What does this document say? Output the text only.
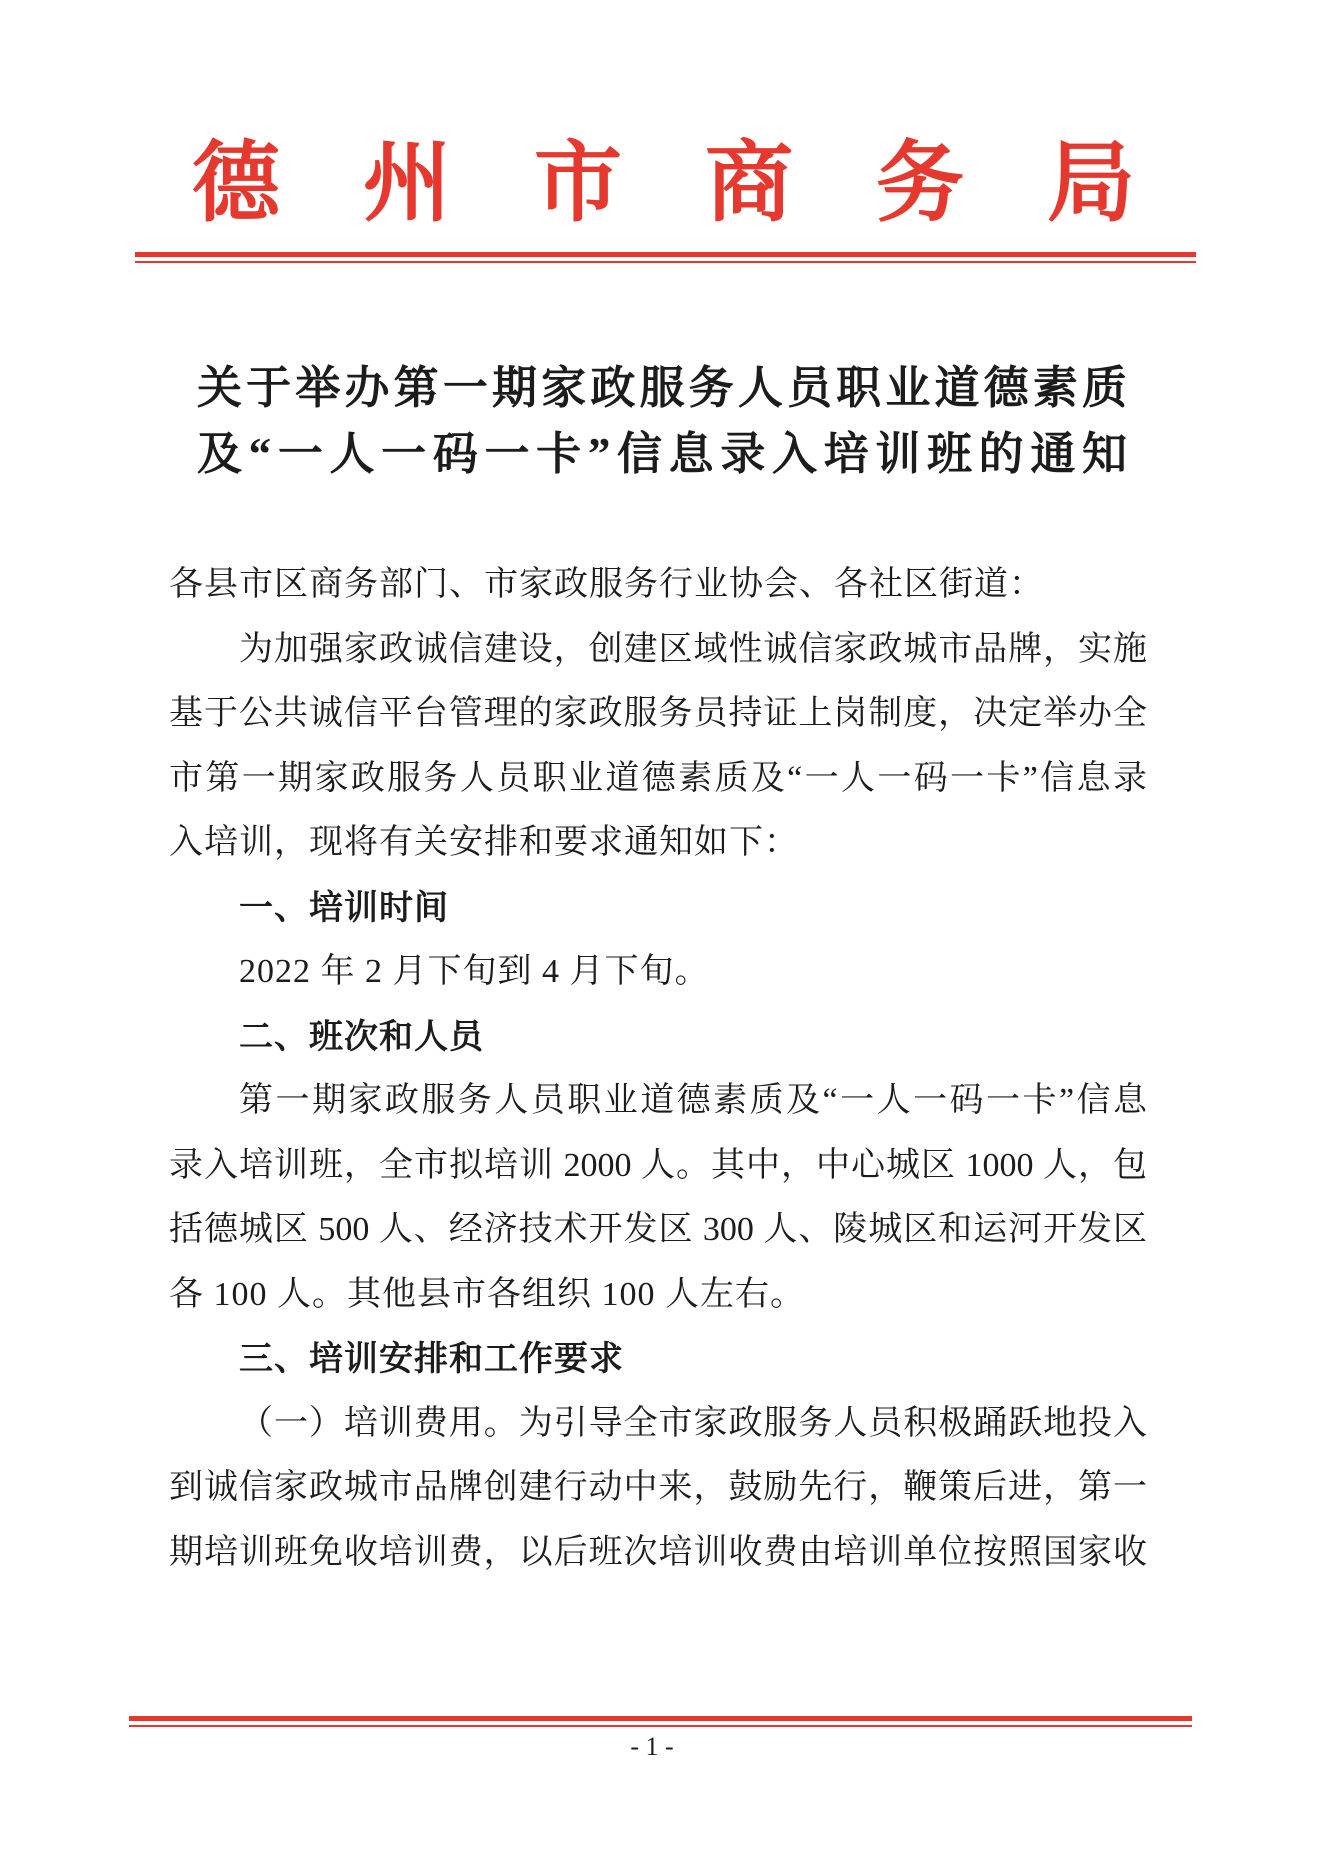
德州市商务局
关于举办第一期家政服务人员职业道德素质
及“一人一码一卡”信息录入培训班的通知
各县市区商务部门、市家政服务行业协会、各社区街道：
为加强家政诚信建设，创建区域性诚信家政城市品牌，实施
基于公共诚信平台管理的家政服务员持证上岗制度，决定举办全
市第一期家政服务人员职业道德素质及“一人一码一卡”信息录
入培训，现将有关安排和要求通知如下：
一、培训时间
2022 年 2 月下旬到 4 月下旬。
二、班次和人员
第一期家政服务人员职业道德素质及“一人一码一卡”信息
录入培训班，全市拟培训 2000 人。其中，中心城区 1000 人，包
括德城区 500 人、经济技术开发区 300 人、陵城区和运河开发区
各 100 人。其他县市各组织 100 人左右。
三、培训安排和工作要求
（一）培训费用。为引导全市家政服务人员积极踊跃地投入
到诚信家政城市品牌创建行动中来，鼓励先行，鞭策后进，第一
期培训班免收培训费，以后班次培训收费由培训单位按照国家收
- 1 -
